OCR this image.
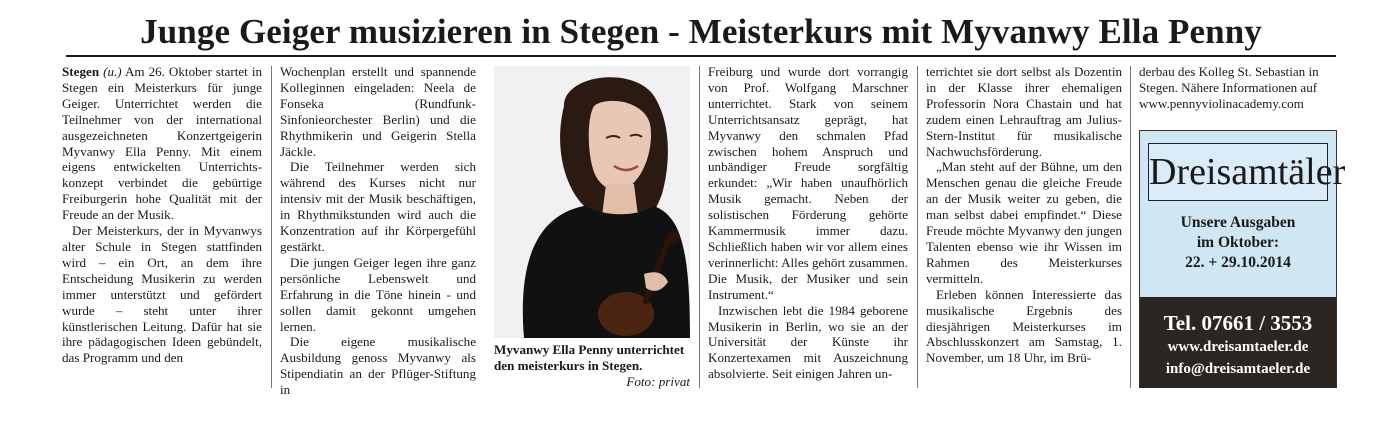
Junge Geiger musizieren in Stegen - Meisterkurs mit Myvanwy Ella Penny

Stegen (u.) Am 26. Oktober startet in Stegen ein Meisterkurs für junge Geiger. Unterrichtet werden die Teilnehmer von der international ausgezeichneten Konzertgeigerin Myvanwy Ella Penny. Mit einem eigens entwickelten Unterrichts-konzept verbindet die gebürtige Freiburgerin hohe Qualität mit der Freude an der Musik.

Der Meisterkurs, der in Myvanwys alter Schule in Stegen stattfinden wird – ein Ort, an dem ihre Entscheidung Musikerin zu werden immer unterstützt und gefördert wurde – steht unter ihrer künstlerischen Leitung. Dafür hat sie ihre pädagogischen Ideen gebündelt, das Programm und den

Wochenplan erstellt und spannende Kolleginnen eingeladen: Neela de Fonseka (Rundfunk-Sinfonieorchester Berlin) und die Rhythmikerin und Geigerin Stella Jäckle.

Die Teilnehmer werden sich während des Kurses nicht nur intensiv mit der Musik beschäftigen, in Rhythmikstunden wird auch die Konzentration auf ihr Körpergefühl gestärkt.

Die jungen Geiger legen ihre ganz persönliche Lebenswelt und Erfahrung in die Töne hinein - und sollen damit gekonnt umgehen lernen.

Die eigene musikalische Ausbildung genoss Myvanwy als Stipendiatin an der Pflüger-Stiftung in

Myvanwy Ella Penny unterrichtet den meisterkurs in Stegen.
Foto: privat

Freiburg und wurde dort vorrangig von Prof. Wolfgang Marschner unterrichtet. Stark von seinem Unterrichtsansatz geprägt, hat Myvanwy den schmalen Pfad zwischen hohem Anspruch und unbändiger Freude sorgfältig erkundet: „Wir haben unaufhörlich Musik gemacht. Neben der solistischen Förderung gehörte Kammermusik immer dazu. Schließlich haben wir vor allem eines verinnerlicht: Alles gehört zusammen. Die Musik, der Musiker und sein Instrument.“

Inzwischen lebt die 1984 geborene Musikerin in Berlin, wo sie an der Universität der Künste ihr Konzertexamen mit Auszeichnung absolvierte. Seit einigen Jahren un-

terrichtet sie dort selbst als Dozentin in der Klasse ihrer ehemaligen Professorin Nora Chastain und hat zudem einen Lehrauftrag am Julius-Stern-Institut für musikalische Nachwuchsförderung.

„Man steht auf der Bühne, um den Menschen genau die gleiche Freude an der Musik weiter zu geben, die man selbst dabei empfindet.“ Diese Freude möchte Myvanwy den jungen Talenten ebenso wie ihr Wissen im Rahmen des Meisterkurses vermitteln.

Erleben können Interessierte das musikalische Ergebnis des diesjährigen Meisterkurses im Abschlusskonzert am Samstag, 1. November, um 18 Uhr, im Brü-

derbau des Kolleg St. Sebastian in Stegen. Nähere Informationen auf www.pennyviolinacademy.com

Dreisamtäler
Unsere Ausgaben
im Oktober:
22. + 29.10.2014
Tel. 07661 / 3553
www.dreisamtaeler.de
info@dreisamtaeler.de
